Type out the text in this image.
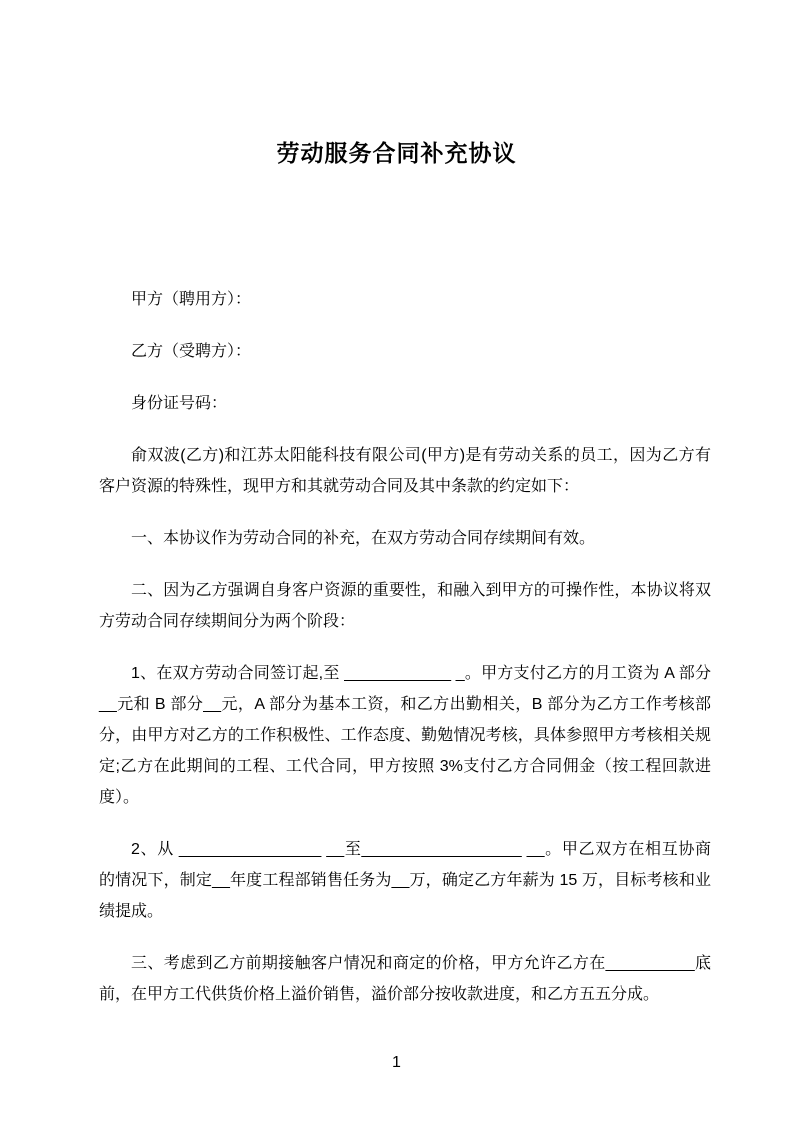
劳动服务合同补充协议

甲方（聘用方）：

乙方（受聘方）：

身份证号码：

俞双波(乙方)和江苏太阳能科技有限公司(甲方)是有劳动关系的员工，因为乙方有客户资源的特殊性，现甲方和其就劳动合同及其中条款的约定如下：

一、本协议作为劳动合同的补充，在双方劳动合同存续期间有效。

二、因为乙方强调自身客户资源的重要性，和融入到甲方的可操作性，本协议将双方劳动合同存续期间分为两个阶段：

1、在双方劳动合同签订起,至 ____________ _。甲方支付乙方的月工资为 A 部分__元和 B 部分__元，A 部分为基本工资，和乙方出勤相关，B 部分为乙方工作考核部分，由甲方对乙方的工作积极性、工作态度、勤勉情况考核，具体参照甲方考核相关规定;乙方在此期间的工程、工代合同，甲方按照 3%支付乙方合同佣金（按工程回款进度）。

2、从 ________________ __至__________________ __。甲乙双方在相互协商的情况下，制定__年度工程部销售任务为__万，确定乙方年薪为 15 万，目标考核和业绩提成。

三、考虑到乙方前期接触客户情况和商定的价格，甲方允许乙方在__________底前，在甲方工代供货价格上溢价销售，溢价部分按收款进度，和乙方五五分成。

1
